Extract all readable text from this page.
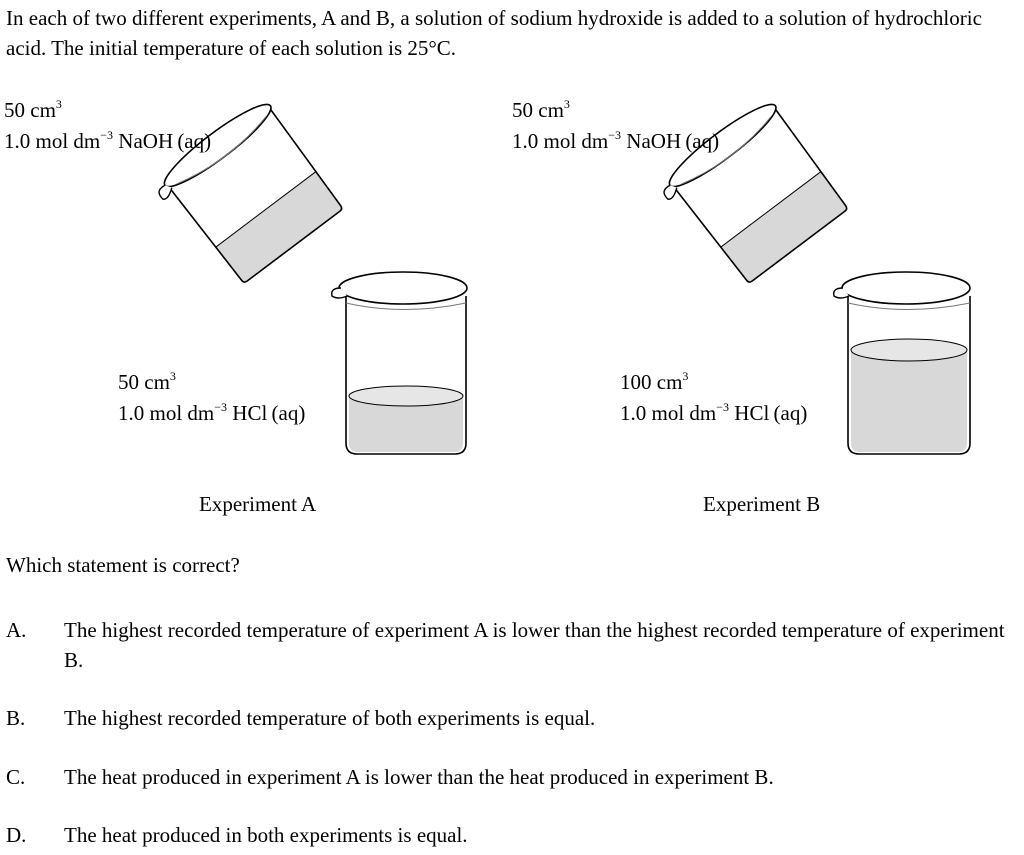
In each of two different experiments, A and B, a solution of sodium hydroxide is added to a solution of hydrochloric acid. The initial temperature of each solution is 25°C.

50 $cm^3$
1.0 mol $dm^{-3}$ NaOH (aq)
50 $cm^3$
1.0 mol $dm^{-3}$ HCl (aq)
Experiment A
50 $cm^3$
1.0 mol $dm^{-3}$ NaOH (aq)
100 $cm^3$
1.0 mol $dm^{-3}$ HCl (aq)
Experiment B
Which statement is correct?
A. The highest recorded temperature of experiment A is lower than the highest recorded temperature of experiment B.
B. The highest recorded temperature of both experiments is equal.
C. The heat produced in experiment A is lower than the heat produced in experiment B.
D. The heat produced in both experiments is equal.
